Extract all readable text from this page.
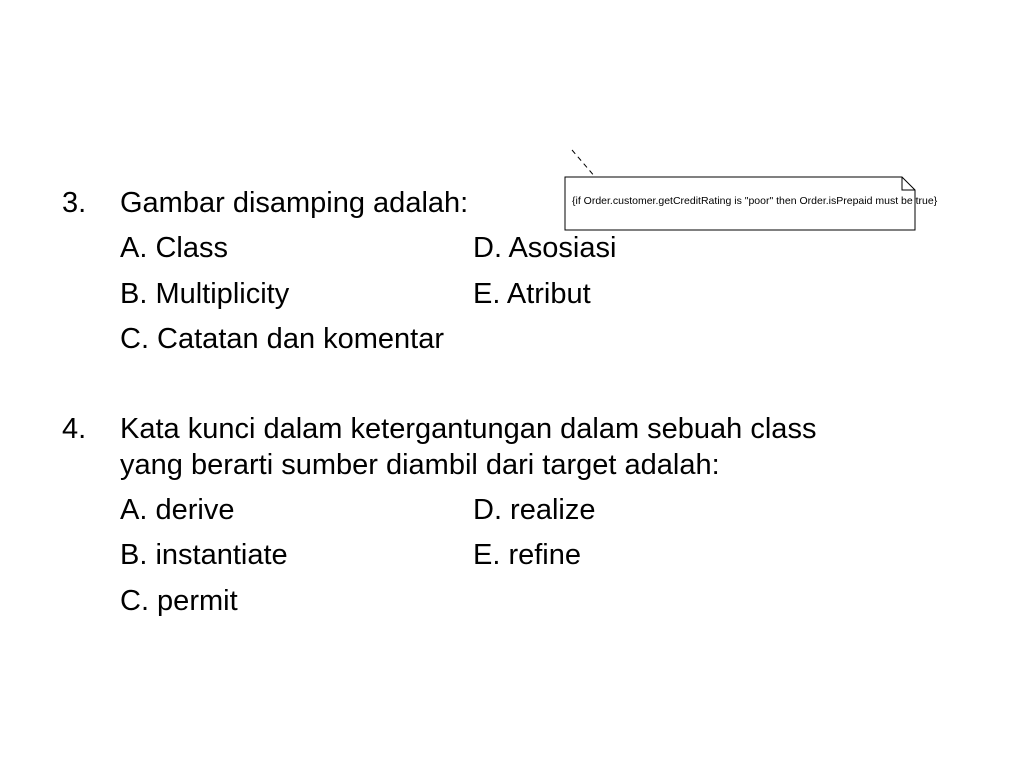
{if Order.customer.getCreditRating is "poor" then Order.isPrepaid must be true}
3. Gambar disamping adalah:
A. Class	D. Asosiasi
B. Multiplicity	E. Atribut
C. Catatan dan komentar
4. Kata kunci dalam ketergantungan dalam sebuah class
yang berarti sumber diambil dari target adalah:
A. derive	D. realize
B. instantiate	E. refine
C. permit
